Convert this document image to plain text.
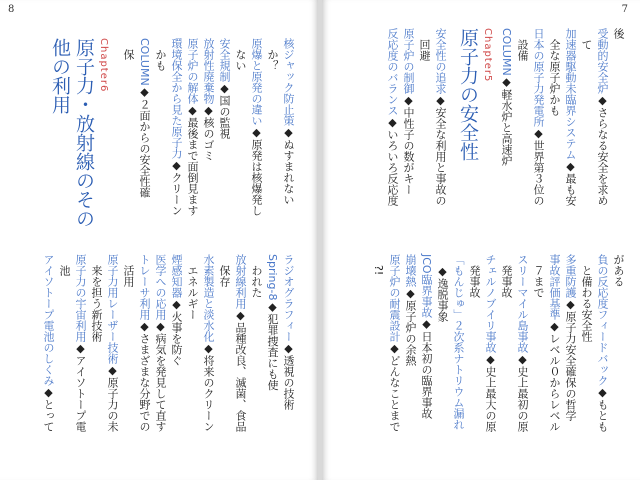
8
核ジャック防止策◆ぬすまれない
か？
原爆と原発の違い◆原発は核爆発し
ない
安全規制◆国の監視
放射性廃棄物◆核のゴミ
原子炉の解体◆最後まで面倒見ます
環境保全から見た原子力◆クリーン
かも
COLUMN◆２面からの安全性確
保
Chapter6
原子力・放射線のその
他の利用
ラジオグラフィー◆透視の技術
Spring-8◆犯罪捜査にも使
われた
放射線利用◆品種改良、滅菌、食品
保存
水素製造と淡水化◆将来のクリーン
エネルギー
煙感知器◆火事を防ぐ
医学への応用◆病気を発見して直す
トレーサ利用◆さまざまな分野での
活用
原子力用レーザー技術◆原子力の未
来を担う新技術
原子力の宇宙利用◆アイソトープ電
池
アイソトープ電池のしくみ◆とって
7
後
受動的安全炉◆さらなる安全を求め
て
加速器駆動未臨界システム◆最も安
全な原子炉かも
日本の原子力発電所◆世界第３位の
設備
COLUMN◆軽水炉と高速炉
Chapter5
原子力の安全性
安全性の追求◆安全な利用と事故の
回避
原子炉の制御◆中性子の数がキー
反応度のバランス◆いろいろ反応度
がある
負の反応度フィードバック◆もとも
と備わる安全性
多重防護◆原子力安全確保の哲学
事故評価基準◆レベル０からレベル
７まで
スリーマイル島事故◆史上最初の原
発事故
チェルノブイリ事故◆史上最大の原
発事故
「もんじゅ」２次系ナトリウム漏れ
◆逸脱事象
JCO臨界事故◆日本初の臨界事故
崩壊熱◆原子炉の余熱
原子炉の耐震設計◆どんなことまで
?!
